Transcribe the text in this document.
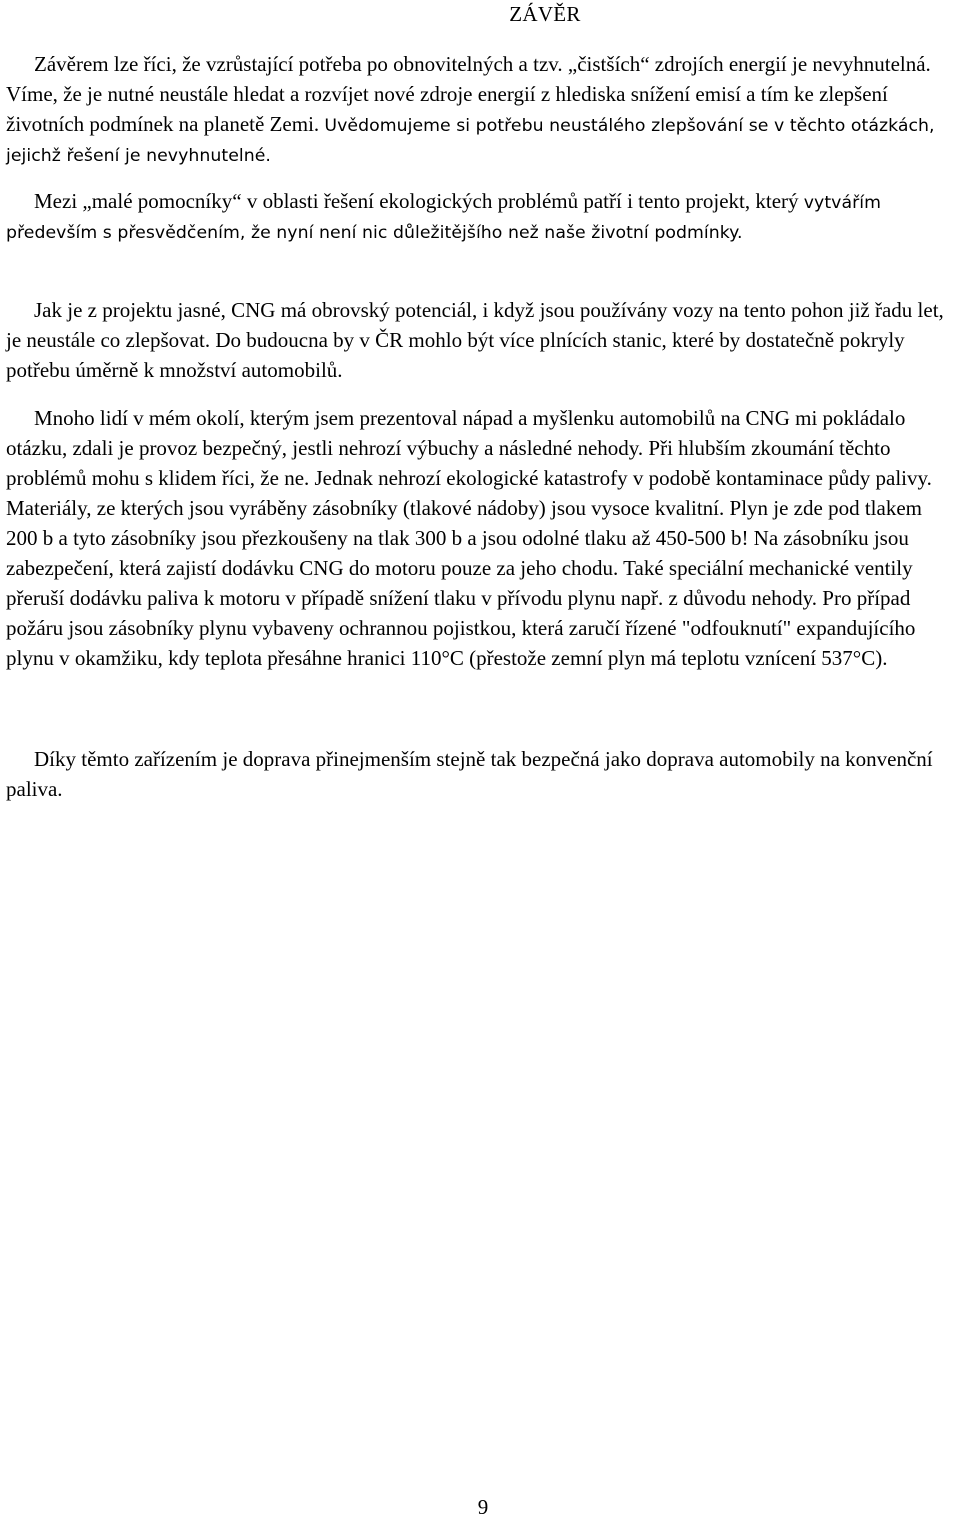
ZÁVĚR

Závěrem lze říci, že vzrůstající potřeba po obnovitelných a tzv. „čistších“ zdrojích energií je nevyhnutelná. Víme, že je nutné neustále hledat a rozvíjet nové zdroje energií z hlediska snížení emisí a tím ke zlepšení životních podmínek na planetě Zemi. Uvědomujeme si potřebu neustálého zlepšování se v těchto otázkách, jejichž řešení je nevyhnutelné.

Mezi „malé pomocníky“ v oblasti řešení ekologických problémů patří i tento projekt, který vytvářím především s přesvědčením, že nyní není nic důležitějšího než naše životní podmínky.

Jak je z projektu jasné, CNG má obrovský potenciál, i když jsou používány vozy na tento pohon již řadu let, je neustále co zlepšovat. Do budoucna by v ČR mohlo být více plnících stanic, které by dostatečně pokryly potřebu úměrně k množství automobilů.

Mnoho lidí v mém okolí, kterým jsem prezentoval nápad a myšlenku automobilů na CNG mi pokládalo otázku, zdali je provoz bezpečný, jestli nehrozí výbuchy a následné nehody. Při hlubším zkoumání těchto problémů mohu s klidem říci, že ne. Jednak nehrozí ekologické katastrofy v podobě kontaminace půdy palivy. Materiály, ze kterých jsou vyráběny zásobníky (tlakové nádoby) jsou vysoce kvalitní. Plyn je zde pod tlakem 200 b a tyto zásobníky jsou přezkoušeny na tlak 300 b a jsou odolné tlaku až 450-500 b! Na zásobníku jsou zabezpečení, která zajistí dodávku CNG do motoru pouze za jeho chodu. Také speciální mechanické ventily přeruší dodávku paliva k motoru v případě snížení tlaku v přívodu plynu např. z důvodu nehody. Pro případ požáru jsou zásobníky plynu vybaveny ochrannou pojistkou, která zaručí řízené "odfouknutí" expandujícího plynu v okamžiku, kdy teplota přesáhne hranici 110°C (přestože zemní plyn má teplotu vznícení 537°C).

Díky těmto zařízením je doprava přinejmenším stejně tak bezpečná jako doprava automobily na konvenční paliva.

9
